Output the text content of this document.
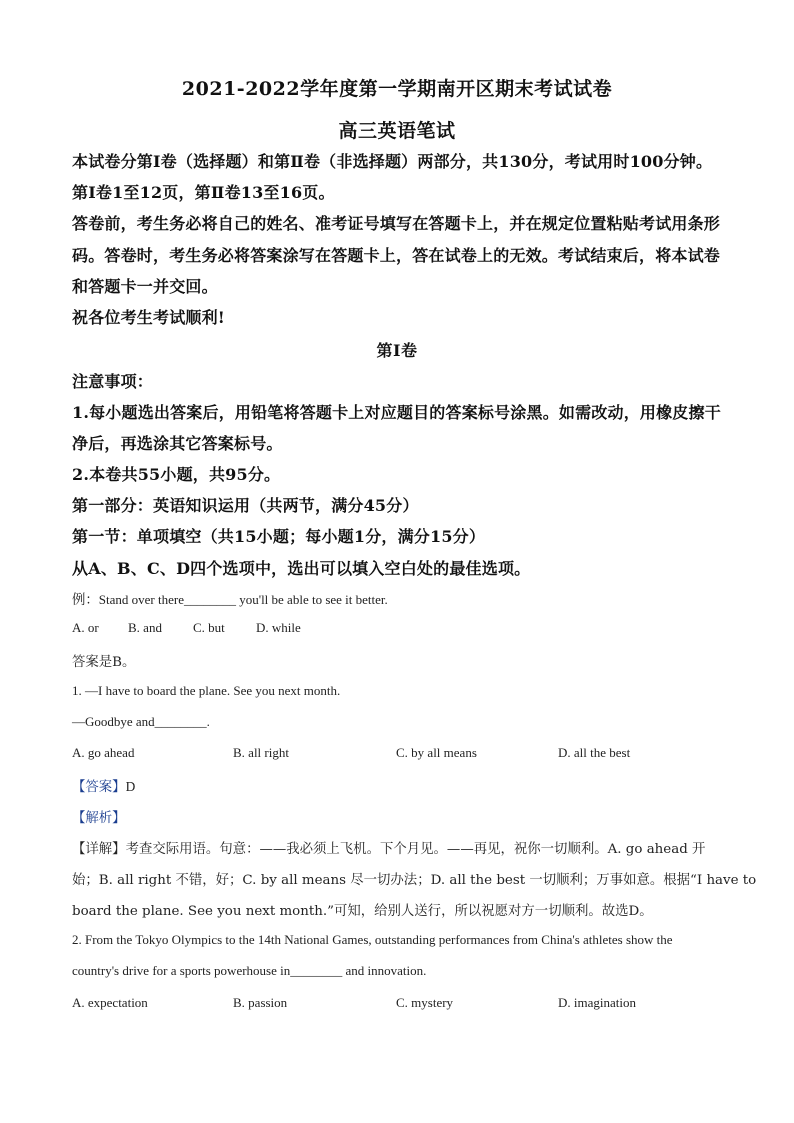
2021-2022学年度第一学期南开区期末考试试卷
高三英语笔试
本试卷分第Ⅰ卷（选择题）和第Ⅱ卷（非选择题）两部分，共130分，考试用时100分钟。
第Ⅰ卷1至12页，第Ⅱ卷13至16页。
答卷前，考生务必将自己的姓名、准考证号填写在答题卡上，并在规定位置粘贴考试用条形
码。答卷时，考生务必将答案涂写在答题卡上，答在试卷上的无效。考试结束后，将本试卷
和答题卡一并交回。
祝各位考生考试顺利!
第Ⅰ卷
注意事项：
1.每小题选出答案后，用铅笔将答题卡上对应题目的答案标号涂黑。如需改动，用橡皮擦干
净后，再选涂其它答案标号。
2.本卷共55小题，共95分。
第一部分：英语知识运用（共两节，满分45分）
第一节：单项填空（共15小题；每小题1分，满分15分）
从A、B、C、D四个选项中，选出可以填入空白处的最佳选项。
例：Stand over there________ you'll be able to see it better.
A. or B. and C. but D. while
答案是B。
1. —I have to board the plane. See you next month.
—Goodbye and________.
A. go ahead	B. all right	C. by all means	D. all the best
【答案】D
【解析】
【详解】考查交际用语。句意：——我必须上飞机。下个月见。——再见，祝你一切顺利。A. go ahead 开
始；B. all right 不错，好；C. by all means 尽一切办法；D. all the best 一切顺利；万事如意。根据“I have to
board the plane. See you next month.”可知，给别人送行，所以祝愿对方一切顺利。故选D。
2. From the Tokyo Olympics to the 14th National Games, outstanding performances from China's athletes show the
country's drive for a sports powerhouse in________ and innovation.
A. expectation	B. passion	C. mystery	D. imagination
